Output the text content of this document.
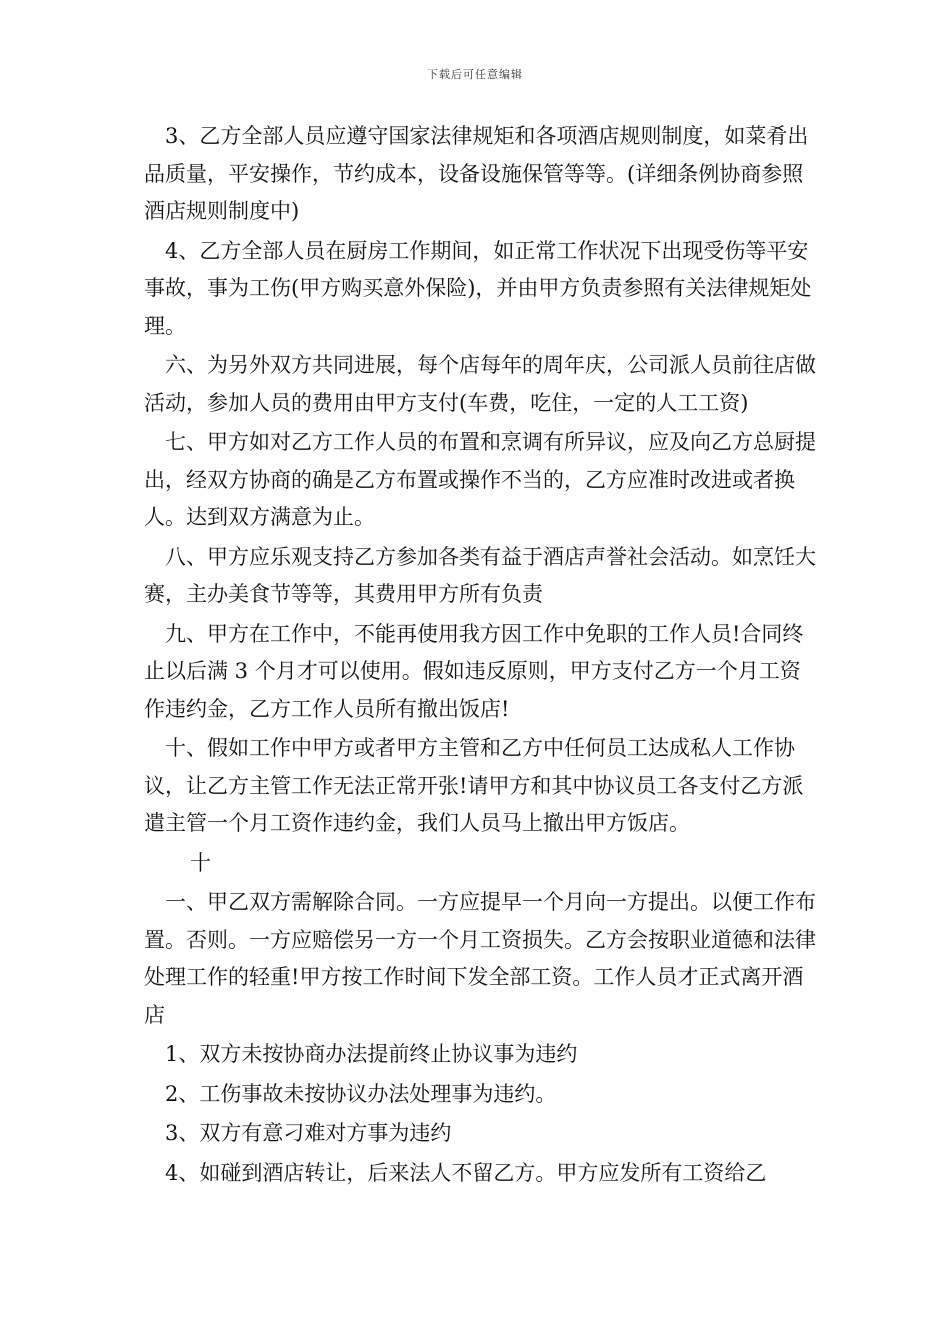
下载后可任意编辑

3、乙方全部人员应遵守国家法律规矩和各项酒店规则制度，如菜肴出品质量，平安操作，节约成本，设备设施保管等等。(详细条例协商参照酒店规则制度中)

4、乙方全部人员在厨房工作期间，如正常工作状况下出现受伤等平安事故，事为工伤(甲方购买意外保险)，并由甲方负责参照有关法律规矩处理。

六、为另外双方共同进展，每个店每年的周年庆，公司派人员前往店做活动，参加人员的费用由甲方支付(车费，吃住，一定的人工工资)

七、甲方如对乙方工作人员的布置和烹调有所异议，应及向乙方总厨提出，经双方协商的确是乙方布置或操作不当的，乙方应准时改进或者换人。达到双方满意为止。

八、甲方应乐观支持乙方参加各类有益于酒店声誉社会活动。如烹饪大赛，主办美食节等等，其费用甲方所有负责

九、甲方在工作中，不能再使用我方因工作中免职的工作人员!合同终止以后满 3 个月才可以使用。假如违反原则，甲方支付乙方一个月工资作违约金，乙方工作人员所有撤出饭店!

十、假如工作中甲方或者甲方主管和乙方中任何员工达成私人工作协议，让乙方主管工作无法正常开张!请甲方和其中协议员工各支付乙方派遣主管一个月工资作违约金，我们人员马上撤出甲方饭店。

十

一、甲乙双方需解除合同。一方应提早一个月向一方提出。以便工作布置。否则。一方应赔偿另一方一个月工资损失。乙方会按职业道德和法律处理工作的轻重!甲方按工作时间下发全部工资。工作人员才正式离开酒店

1、双方未按协商办法提前终止协议事为违约

2、工伤事故未按协议办法处理事为违约。

3、双方有意刁难对方事为违约

4、如碰到酒店转让，后来法人不留乙方。甲方应发所有工资给乙
